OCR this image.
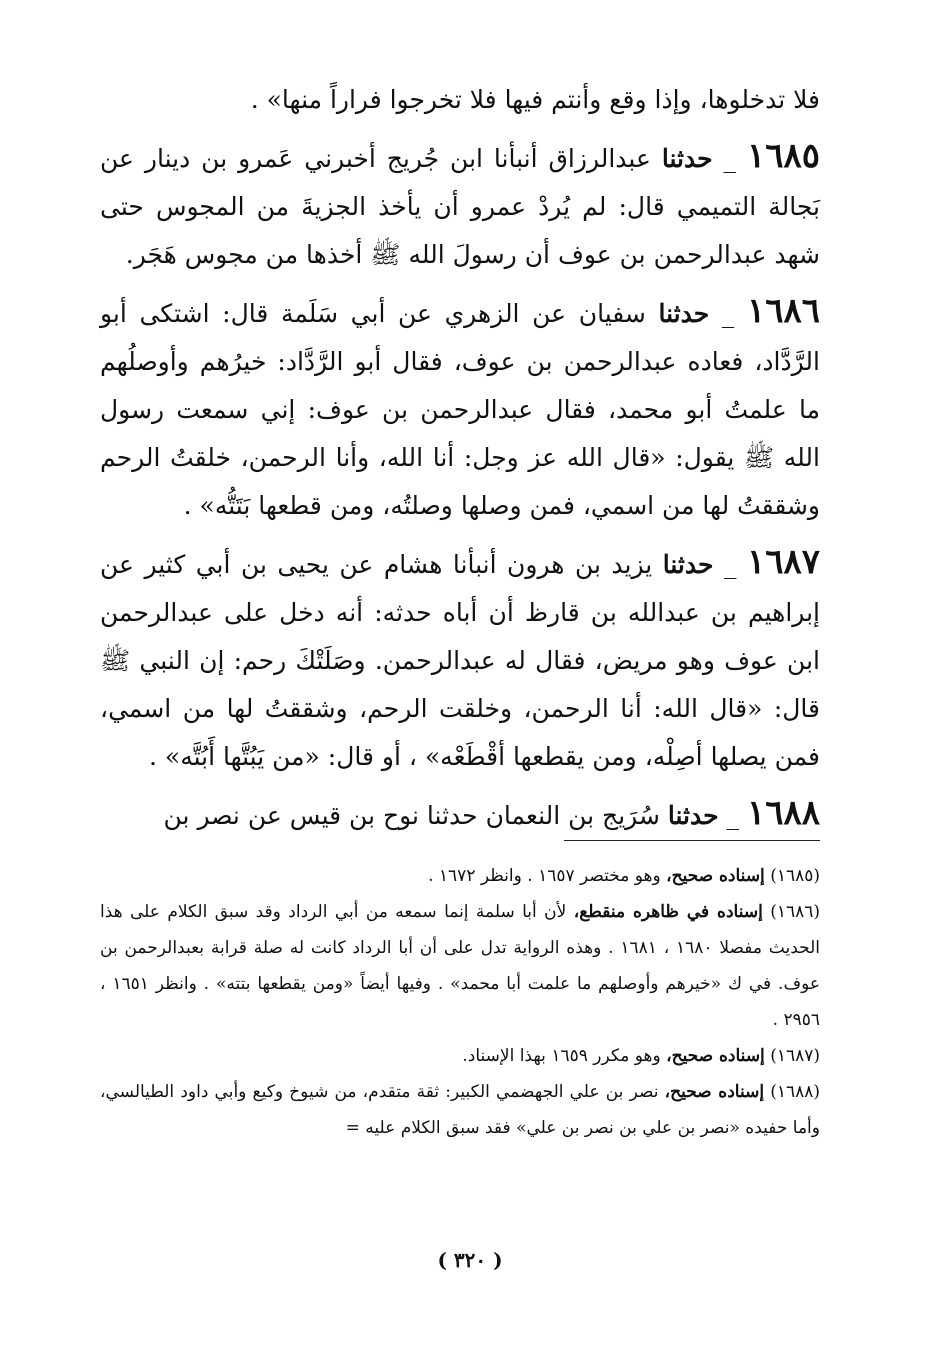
فلا تدخلوها، وإذا وقع وأنتم فيها فلا تخرجوا فراراً منها» .

١٦٨٥ _ حدثنا عبدالرزاق أنبأنا ابن جُريج أخبرني عَمرو بن دينار عن بَجالة التميمي قال: لم يُردْ عمرو أن يأخذ الجزيةَ من المجوس حتى شهد عبدالرحمن بن عوف أن رسولَ الله ﷺ أخذها من مجوس هَجَر.

١٦٨٦ _ حدثنا سفيان عن الزهري عن أبي سَلَمة قال: اشتكى أبو الرَّدَّاد، فعاده عبدالرحمن بن عوف، فقال أبو الرَّدَّاد: خيرُهم وأوصلُهم ما علمتُ أبو محمد، فقال عبدالرحمن بن عوف: إني سمعت رسول الله ﷺ يقول: «قال الله عز وجل: أنا الله، وأنا الرحمن، خلقتُ الرحم وشققتُ لها من اسمي، فمن وصلها وصلتُه، ومن قطعها بَتَتُّه» .

١٦٨٧ _ حدثنا يزيد بن هرون أنبأنا هشام عن يحيى بن أبي كثير عن إبراهيم بن عبدالله بن قارظ أن أباه حدثه: أنه دخل على عبدالرحمن ابن عوف وهو مريض، فقال له عبدالرحمن. وصَلَتْكَ رحم: إن النبي ﷺ قال: «قال الله: أنا الرحمن، وخلقت الرحم، وشققتُ لها من اسمي، فمن يصلها أصِلْه، ومن يقطعها أقْطَعْه» ، أو قال: «من يَبُتَّها أَبُتَّه» .

١٦٨٨ _ حدثنا سُرَيج بن النعمان حدثنا نوح بن قيس عن نصر بن

(١٦٨٥) إسناده صحيح، وهو مختصر ١٦٥٧ . وانظر ١٦٧٢ .

(١٦٨٦) إسناده في ظاهره منقطع، لأن أبا سلمة إنما سمعه من أبي الرداد وقد سبق الكلام على هذا الحديث مفصلا ١٦٨٠ ، ١٦٨١ . وهذه الرواية تدل على أن أبا الرداد كانت له صلة قرابة بعبدالرحمن بن عوف. في ك «خيرهم وأوصلهم ما علمت أبا محمد» . وفيها أيضاً «ومن يقطعها بتته» . وانظر ١٦٥١ ، ٢٩٥٦ .

(١٦٨٧) إسناده صحيح، وهو مكرر ١٦٥٩ بهذا الإسناد.

(١٦٨٨) إسناده صحيح، نصر بن علي الجهضمي الكبير: ثقة متقدم، من شيوخ وكيع وأبي داود الطيالسي، وأما حفيده «نصر بن علي بن نصر بن علي» فقد سبق الكلام عليه =

( ٣٢٠ )
